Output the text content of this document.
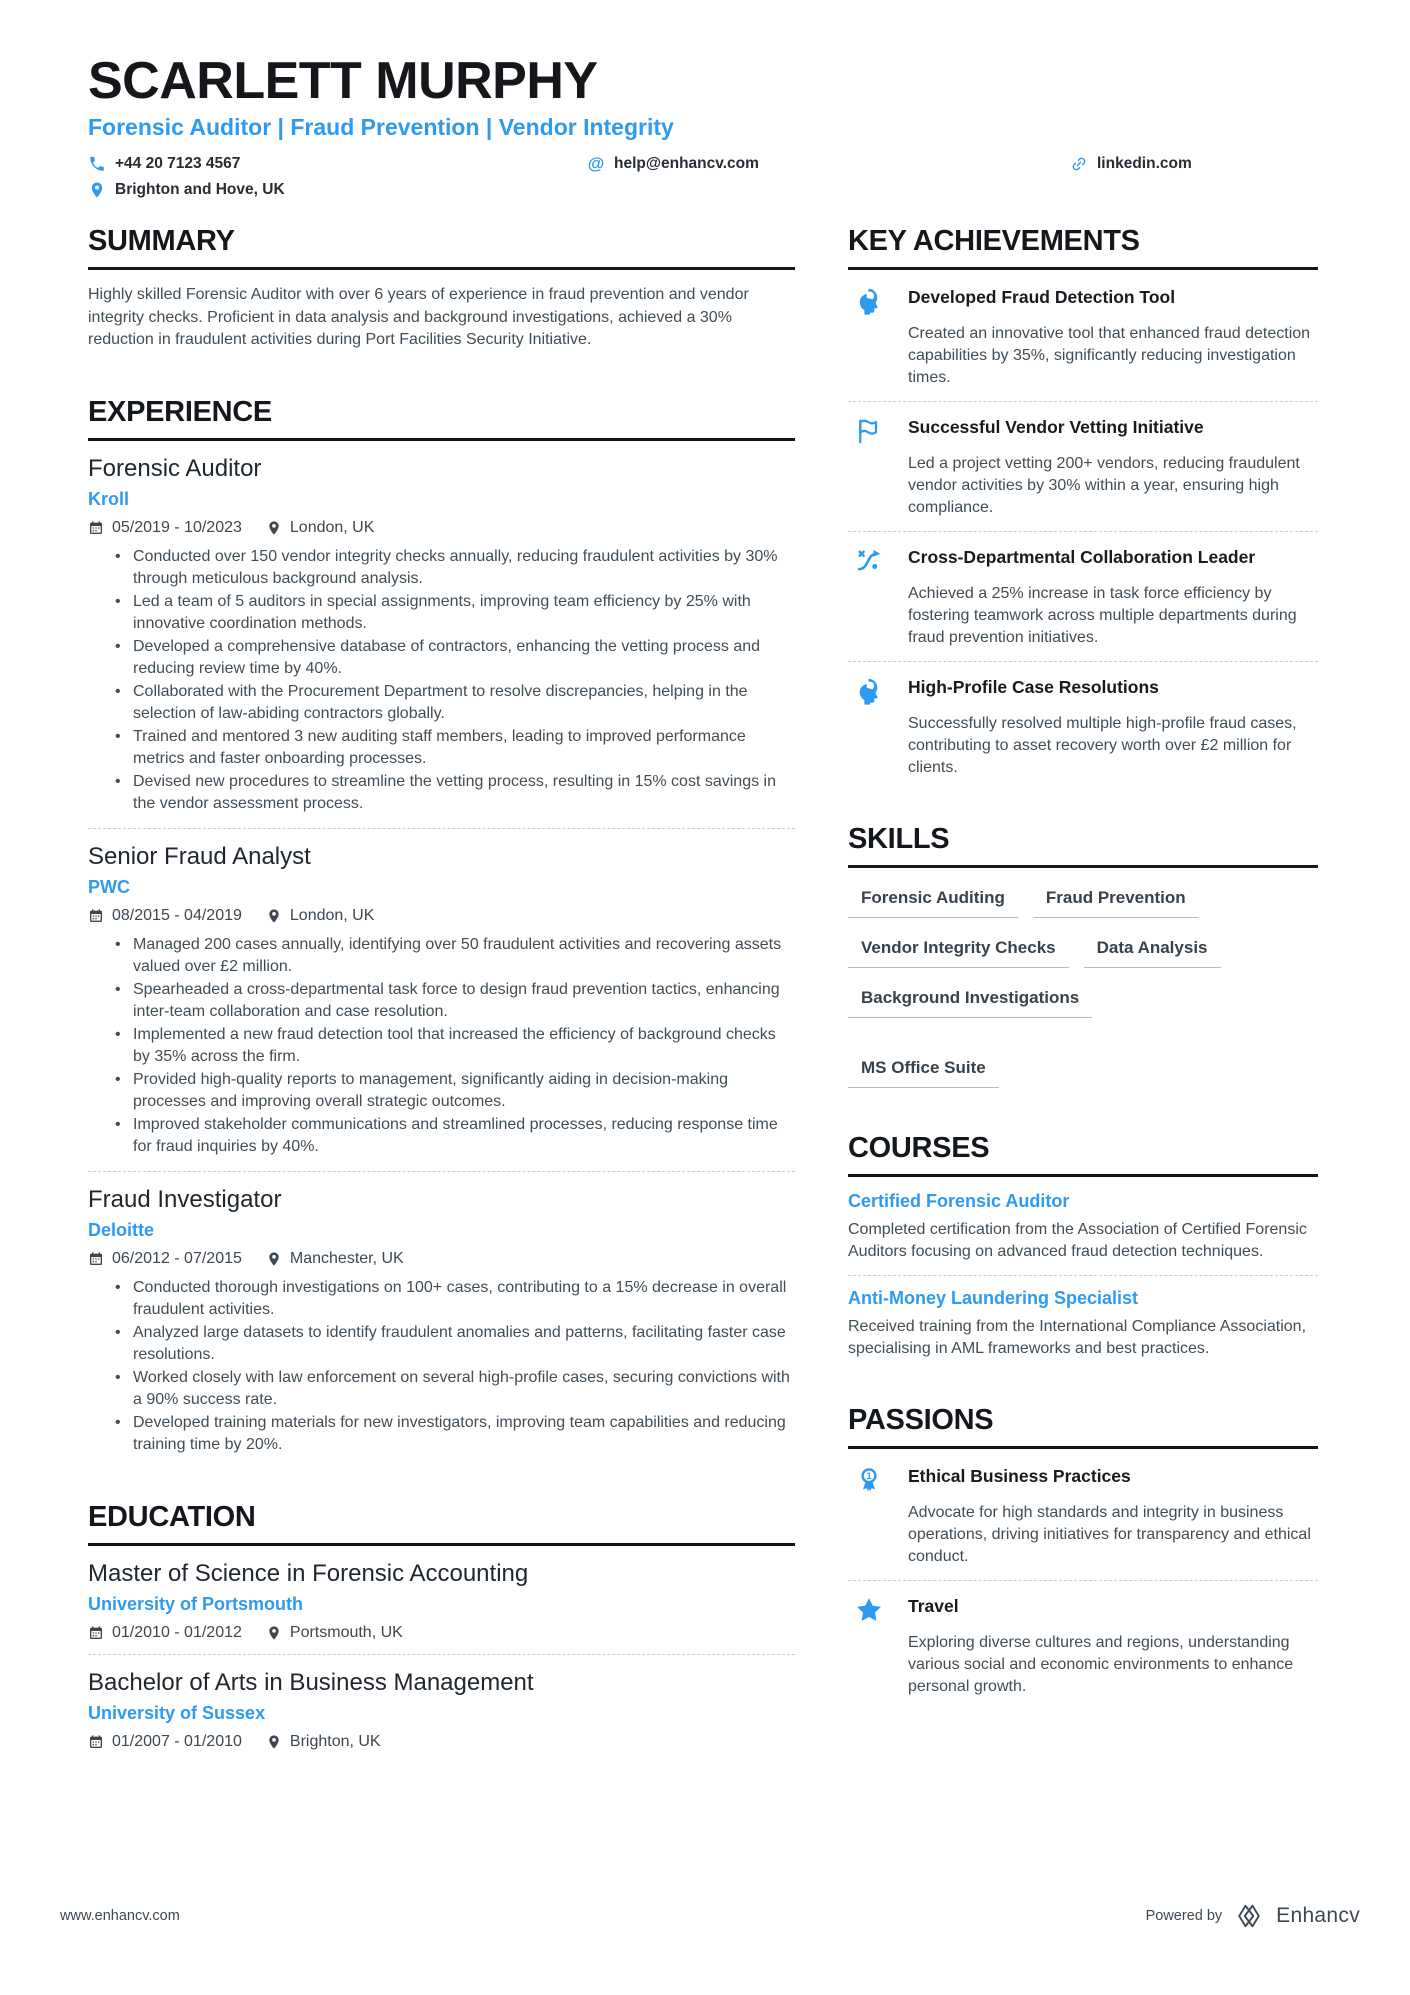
SCARLETT MURPHY
Forensic Auditor | Fraud Prevention | Vendor Integrity
+44 20 7123 4567	@ help@enhancv.com	linkedin.com
Brighton and Hove, UK
SUMMARY

Highly skilled Forensic Auditor with over 6 years of experience in fraud prevention and vendor integrity checks. Proficient in data analysis and background investigations, achieved a 30% reduction in fraudulent activities during Port Facilities Security Initiative.

EXPERIENCE
Forensic Auditor
Kroll
05/2019 - 10/2023	London, UK
• Conducted over 150 vendor integrity checks annually, reducing fraudulent activities by 30% through meticulous background analysis.
• Led a team of 5 auditors in special assignments, improving team efficiency by 25% with innovative coordination methods.
• Developed a comprehensive database of contractors, enhancing the vetting process and reducing review time by 40%.
• Collaborated with the Procurement Department to resolve discrepancies, helping in the selection of law-abiding contractors globally.
• Trained and mentored 3 new auditing staff members, leading to improved performance metrics and faster onboarding processes.
• Devised new procedures to streamline the vetting process, resulting in 15% cost savings in the vendor assessment process.
Senior Fraud Analyst
PWC
08/2015 - 04/2019	London, UK
• Managed 200 cases annually, identifying over 50 fraudulent activities and recovering assets valued over £2 million.
• Spearheaded a cross-departmental task force to design fraud prevention tactics, enhancing inter-team collaboration and case resolution.
• Implemented a new fraud detection tool that increased the efficiency of background checks by 35% across the firm.
• Provided high-quality reports to management, significantly aiding in decision-making processes and improving overall strategic outcomes.
• Improved stakeholder communications and streamlined processes, reducing response time for fraud inquiries by 40%.
Fraud Investigator
Deloitte
06/2012 - 07/2015	Manchester, UK
• Conducted thorough investigations on 100+ cases, contributing to a 15% decrease in overall fraudulent activities.
• Analyzed large datasets to identify fraudulent anomalies and patterns, facilitating faster case resolutions.
• Worked closely with law enforcement on several high-profile cases, securing convictions with a 90% success rate.
• Developed training materials for new investigators, improving team capabilities and reducing training time by 20%.
EDUCATION
Master of Science in Forensic Accounting
University of Portsmouth
01/2010 - 01/2012	Portsmouth, UK
Bachelor of Arts in Business Management
University of Sussex
01/2007 - 01/2010	Brighton, UK
KEY ACHIEVEMENTS
Developed Fraud Detection Tool
Created an innovative tool that enhanced fraud detection capabilities by 35%, significantly reducing investigation times.
Successful Vendor Vetting Initiative
Led a project vetting 200+ vendors, reducing fraudulent vendor activities by 30% within a year, ensuring high compliance.
Cross-Departmental Collaboration Leader
Achieved a 25% increase in task force efficiency by fostering teamwork across multiple departments during fraud prevention initiatives.
High-Profile Case Resolutions
Successfully resolved multiple high-profile fraud cases, contributing to asset recovery worth over £2 million for clients.
SKILLS
Forensic Auditing	Fraud Prevention
Vendor Integrity Checks	Data Analysis
Background Investigations
MS Office Suite
COURSES
Certified Forensic Auditor
Completed certification from the Association of Certified Forensic Auditors focusing on advanced fraud detection techniques.
Anti-Money Laundering Specialist
Received training from the International Compliance Association, specialising in AML frameworks and best practices.
PASSIONS
Ethical Business Practices
Advocate for high standards and integrity in business operations, driving initiatives for transparency and ethical conduct.
Travel
Exploring diverse cultures and regions, understanding various social and economic environments to enhance personal growth.
www.enhancv.com	Powered by	Enhancv
